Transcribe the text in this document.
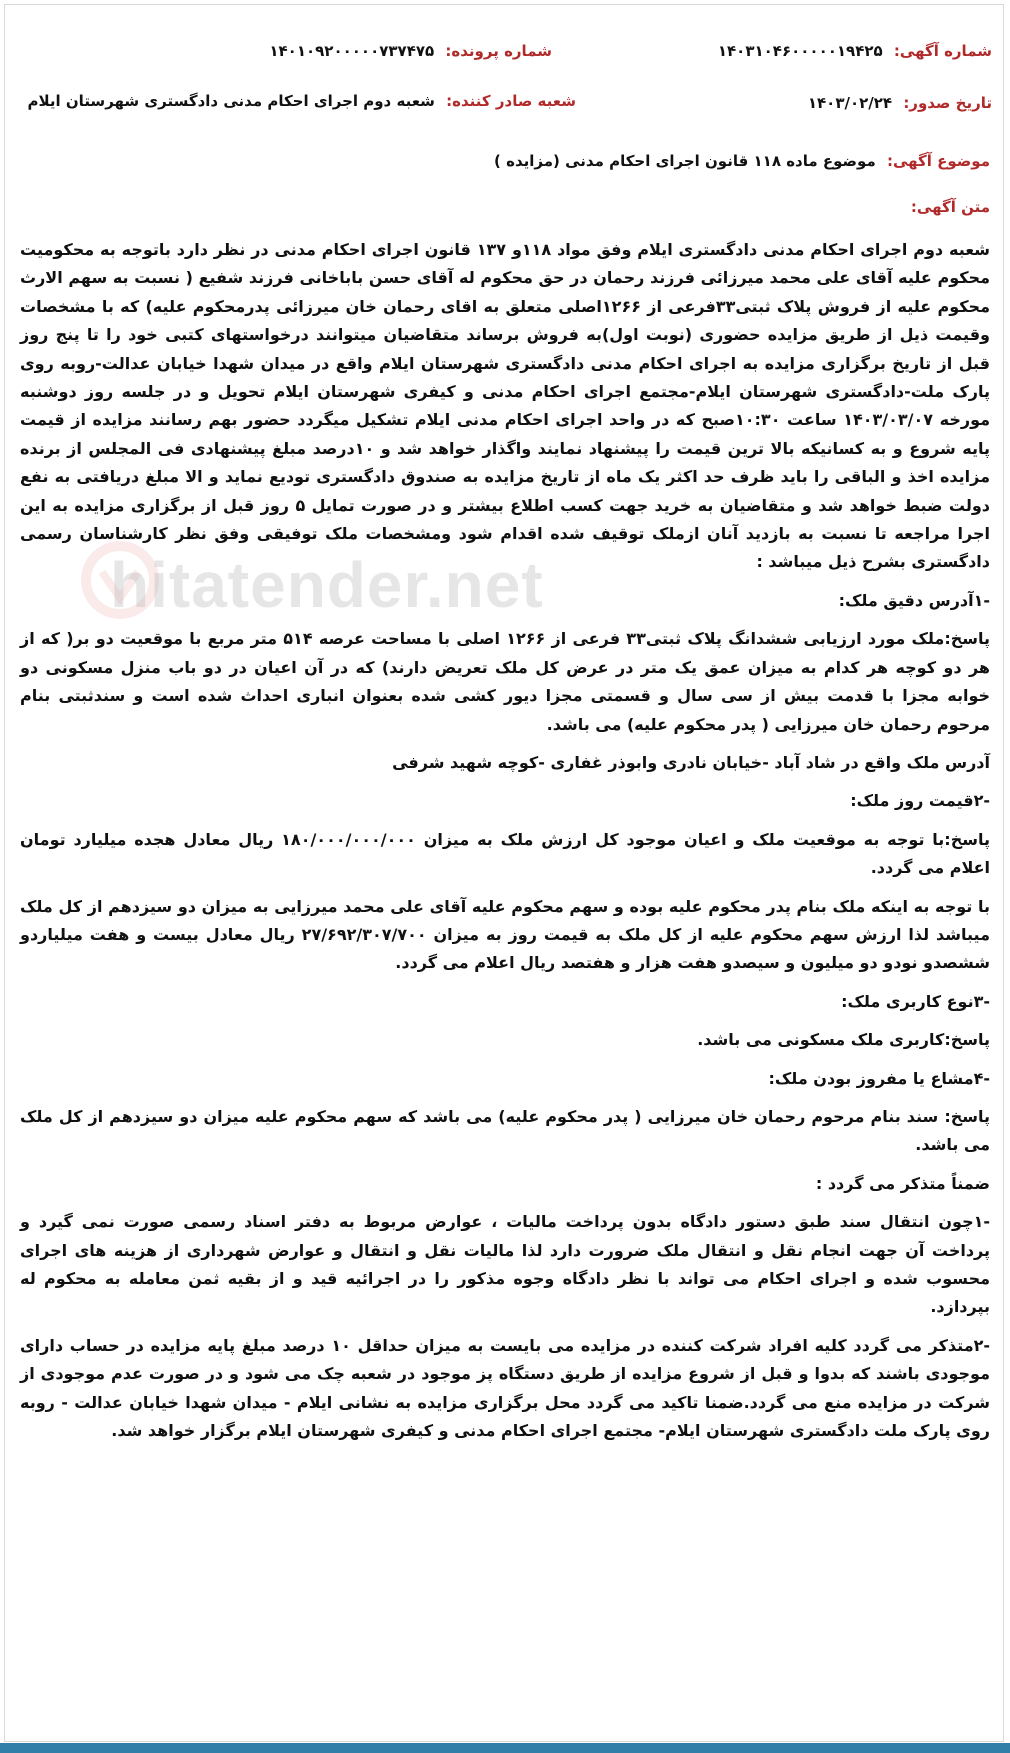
hitatender.net
شماره آگهی: ۱۴۰۳۱۰۴۶۰۰۰۰۰۱۹۴۲۵
شماره پرونده: ۱۴۰۱۰۹۲۰۰۰۰۰۷۳۷۴۷۵
تاریخ صدور: ۱۴۰۳/۰۲/۲۴
شعبه صادر کننده: شعبه دوم اجرای احکام مدنی دادگستری شهرستان ایلام
موضوع آگهی: موضوع ماده ۱۱۸ قانون اجرای احکام مدنی (مزایده )
متن آگهی:

شعبه دوم اجرای احکام مدنی دادگستری ایلام وفق مواد ۱۱۸و ۱۳۷ قانون اجرای احکام مدنی در نظر دارد باتوجه به محکومیت محکوم علیه آقای علی محمد میرزائی فرزند رحمان در حق محکوم له آقای حسن باباخانی فرزند شفیع ( نسبت به سهم الارث محکوم علیه از فروش پلاک ثبتی۳۳فرعی از ۱۲۶۶اصلی متعلق به اقای رحمان خان میرزائی پدرمحکوم علیه) که با مشخصات وقیمت ذیل از طریق مزایده حضوری (نوبت اول)به فروش برساند متقاضیان میتوانند درخواستهای کتبی خود را تا پنج روز قبل از تاریخ برگزاری مزایده به اجرای احکام مدنی دادگستری شهرستان ایلام واقع در میدان شهدا خیابان عدالت-روبه روی پارک ملت-دادگستری شهرستان ایلام-مجتمع اجرای احکام مدنی و کیفری شهرستان ایلام تحویل و در جلسه روز دوشنبه مورخه ۱۴۰۳/۰۳/۰۷ ساعت ۱۰:۳۰صبح که در واحد اجرای احکام مدنی ایلام تشکیل میگردد حضور بهم رسانند مزایده از قیمت پایه شروع و به کسانیکه بالا ترین قیمت را پیشنهاد نمایند واگذار خواهد شد و ۱۰درصد مبلغ پیشنهادی فی المجلس از برنده مزایده اخذ و الباقی را باید ظرف حد اکثر یک ماه از تاریخ مزایده به صندوق دادگستری تودیع نماید و الا مبلغ دریافتی به نفع دولت ضبط خواهد شد و متقاضیان به خرید جهت کسب اطلاع بیشتر و در صورت تمایل ۵ روز قبل از برگزاری مزایده به این اجرا مراجعه تا نسبت به بازدید آنان ازملک توقیف شده اقدام شود ومشخصات ملک توفیقی وفق نظر کارشناسان رسمی دادگستری بشرح ذیل میباشد :

-۱آدرس دقیق ملک:

پاسخ:ملک مورد ارزیابی ششدانگ پلاک ثبتی۳۳ فرعی از ۱۲۶۶ اصلی با مساحت عرصه ۵۱۴ متر مربع با موقعیت دو بر( که از هر دو کوچه هر کدام به میزان عمق یک متر در عرض کل ملک تعریض دارند) که در آن اعیان در دو باب منزل مسکونی دو خوابه مجزا با قدمت بیش از سی سال و قسمتی مجزا دیور کشی شده بعنوان انباری احداث شده است و سندثبتی بنام مرحوم رحمان خان میرزایی ( پدر محکوم علیه) می باشد.

آدرس ملک واقع در شاد آباد -خیابان نادری وابوذر غفاری -کوچه شهید شرفی

-۲قیمت روز ملک:

پاسخ:با توجه به موقعیت ملک و اعیان موجود کل ارزش ملک به میزان ۱۸۰/۰۰۰/۰۰۰/۰۰۰ ریال معادل هجده میلیارد تومان اعلام می گردد.

با توجه به اینکه ملک بنام پدر محکوم علیه بوده و سهم محکوم علیه آقای علی محمد میرزایی به میزان دو سیزدهم از کل ملک میباشد لذا ارزش سهم محکوم علیه از کل ملک به قیمت روز به میزان ۲۷/۶۹۲/۳۰۷/۷۰۰ ریال معادل بیست و هفت میلیاردو ششصدو نودو دو میلیون و سیصدو هفت هزار و هفتصد ریال اعلام می گردد.

-۳نوع کاربری ملک:

پاسخ:کاربری ملک مسکونی می باشد.

-۴مشاع یا مفروز بودن ملک:

پاسخ: سند بنام مرحوم رحمان خان میرزایی ( پدر محکوم علیه) می باشد که سهم محکوم علیه میزان دو سیزدهم از کل ملک می باشد.

ضمناً متذکر می گردد :

-۱چون انتقال سند طبق دستور دادگاه بدون پرداخت مالیات ، عوارض مربوط به دفتر اسناد رسمی صورت نمی گیرد و پرداخت آن جهت انجام نقل و انتقال ملک ضرورت دارد لذا مالیات نقل و انتقال و عوارض شهرداری از هزینه های اجرای محسوب شده و اجرای احکام می تواند با نظر دادگاه وجوه مذکور را در اجرائیه قید و از بقیه ثمن معامله به محکوم له بپردازد.

-۲متذکر می گردد کلیه افراد شرکت کننده در مزایده می بایست به میزان حداقل ۱۰ درصد مبلغ پایه مزایده در حساب دارای موجودی باشند که بدوا و قبل از شروع مزایده از طریق دستگاه پز موجود در شعبه چک می شود و در صورت عدم موجودی از شرکت در مزایده منع می گردد.ضمنا تاکید می گردد محل برگزاری مزایده به نشانی ایلام - میدان شهدا خیابان عدالت - روبه روی پارک ملت دادگستری شهرستان ایلام- مجتمع اجرای احکام مدنی و کیفری شهرستان ایلام برگزار خواهد شد.
